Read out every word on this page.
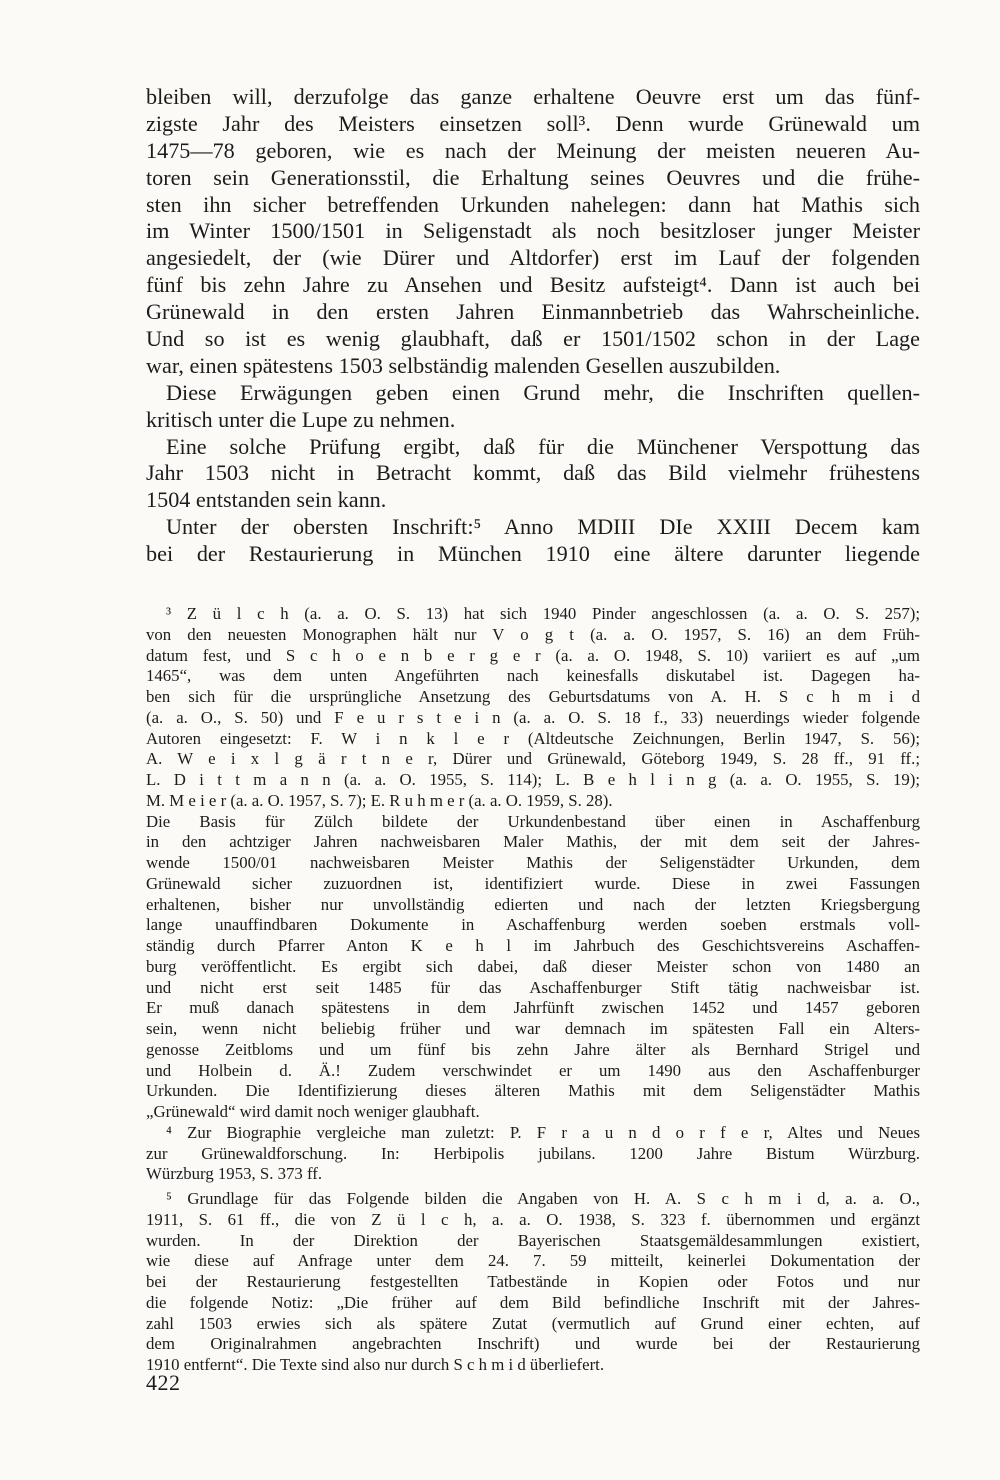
bleiben will, derzufolge das ganze erhaltene Oeuvre erst um das fünf-
zigste Jahr des Meisters einsetzen soll³. Denn wurde Grünewald um
1475—78 geboren, wie es nach der Meinung der meisten neueren Au-
toren sein Generationsstil, die Erhaltung seines Oeuvres und die frühe-
sten ihn sicher betreffenden Urkunden nahelegen: dann hat Mathis sich
im Winter 1500/1501 in Seligenstadt als noch besitzloser junger Meister
angesiedelt, der (wie Dürer und Altdorfer) erst im Lauf der folgenden
fünf bis zehn Jahre zu Ansehen und Besitz aufsteigt⁴. Dann ist auch bei
Grünewald in den ersten Jahren Einmannbetrieb das Wahrscheinliche.
Und so ist es wenig glaubhaft, daß er 1501/1502 schon in der Lage
war, einen spätestens 1503 selbständig malenden Gesellen auszubilden.
Diese Erwägungen geben einen Grund mehr, die Inschriften quellen-
kritisch unter die Lupe zu nehmen.
Eine solche Prüfung ergibt, daß für die Münchener Verspottung das
Jahr 1503 nicht in Betracht kommt, daß das Bild vielmehr frühestens
1504 entstanden sein kann.
Unter der obersten Inschrift:⁵ Anno MDIII DIe XXIII Decem kam
bei der Restaurierung in München 1910 eine ältere darunter liegende
³ Z ü l c h (a. a. O. S. 13) hat sich 1940 Pinder angeschlossen (a. a. O. S. 257);
von den neuesten Monographen hält nur V o g t (a. a. O. 1957, S. 16) an dem Früh-
datum fest, und S c h o e n b e r g e r (a. a. O. 1948, S. 10) variiert es auf „um
1465“, was dem unten Angeführten nach keinesfalls diskutabel ist. Dagegen ha-
ben sich für die ursprüngliche Ansetzung des Geburtsdatums von A. H. S c h m i d
(a. a. O., S. 50) und F e u r s t e i n (a. a. O. S. 18 f., 33) neuerdings wieder folgende
Autoren eingesetzt: F. W i n k l e r (Altdeutsche Zeichnungen, Berlin 1947, S. 56);
A. W e i x l g ä r t n e r, Dürer und Grünewald, Göteborg 1949, S. 28 ff., 91 ff.;
L. D i t t m a n n (a. a. O. 1955, S. 114); L. B e h l i n g (a. a. O. 1955, S. 19);
M. M e i e r (a. a. O. 1957, S. 7); E. R u h m e r (a. a. O. 1959, S. 28).
Die Basis für Zülch bildete der Urkundenbestand über einen in Aschaffenburg
in den achtziger Jahren nachweisbaren Maler Mathis, der mit dem seit der Jahres-
wende 1500/01 nachweisbaren Meister Mathis der Seligenstädter Urkunden, dem
Grünewald sicher zuzuordnen ist, identifiziert wurde. Diese in zwei Fassungen
erhaltenen, bisher nur unvollständig edierten und nach der letzten Kriegsbergung
lange unauffindbaren Dokumente in Aschaffenburg werden soeben erstmals voll-
ständig durch Pfarrer Anton K e h l im Jahrbuch des Geschichtsvereins Aschaffen-
burg veröffentlicht. Es ergibt sich dabei, daß dieser Meister schon von 1480 an
und nicht erst seit 1485 für das Aschaffenburger Stift tätig nachweisbar ist.
Er muß danach spätestens in dem Jahrfünft zwischen 1452 und 1457 geboren
sein, wenn nicht beliebig früher und war demnach im spätesten Fall ein Alters-
genosse Zeitbloms und um fünf bis zehn Jahre älter als Bernhard Strigel und
und Holbein d. Ä.! Zudem verschwindet er um 1490 aus den Aschaffenburger
Urkunden. Die Identifizierung dieses älteren Mathis mit dem Seligenstädter Mathis
„Grünewald“ wird damit noch weniger glaubhaft.
⁴ Zur Biographie vergleiche man zuletzt: P. F r a u n d o r f e r, Altes und Neues
zur Grünewaldforschung. In: Herbipolis jubilans. 1200 Jahre Bistum Würzburg.
Würzburg 1953, S. 373 ff.
⁵ Grundlage für das Folgende bilden die Angaben von H. A. S c h m i d, a. a. O.,
1911, S. 61 ff., die von Z ü l c h, a. a. O. 1938, S. 323 f. übernommen und ergänzt
wurden. In der Direktion der Bayerischen Staatsgemäldesammlungen existiert,
wie diese auf Anfrage unter dem 24. 7. 59 mitteilt, keinerlei Dokumentation der
bei der Restaurierung festgestellten Tatbestände in Kopien oder Fotos und nur
die folgende Notiz: „Die früher auf dem Bild befindliche Inschrift mit der Jahres-
zahl 1503 erwies sich als spätere Zutat (vermutlich auf Grund einer echten, auf
dem Originalrahmen angebrachten Inschrift) und wurde bei der Restaurierung
1910 entfernt“. Die Texte sind also nur durch S c h m i d überliefert.
422
